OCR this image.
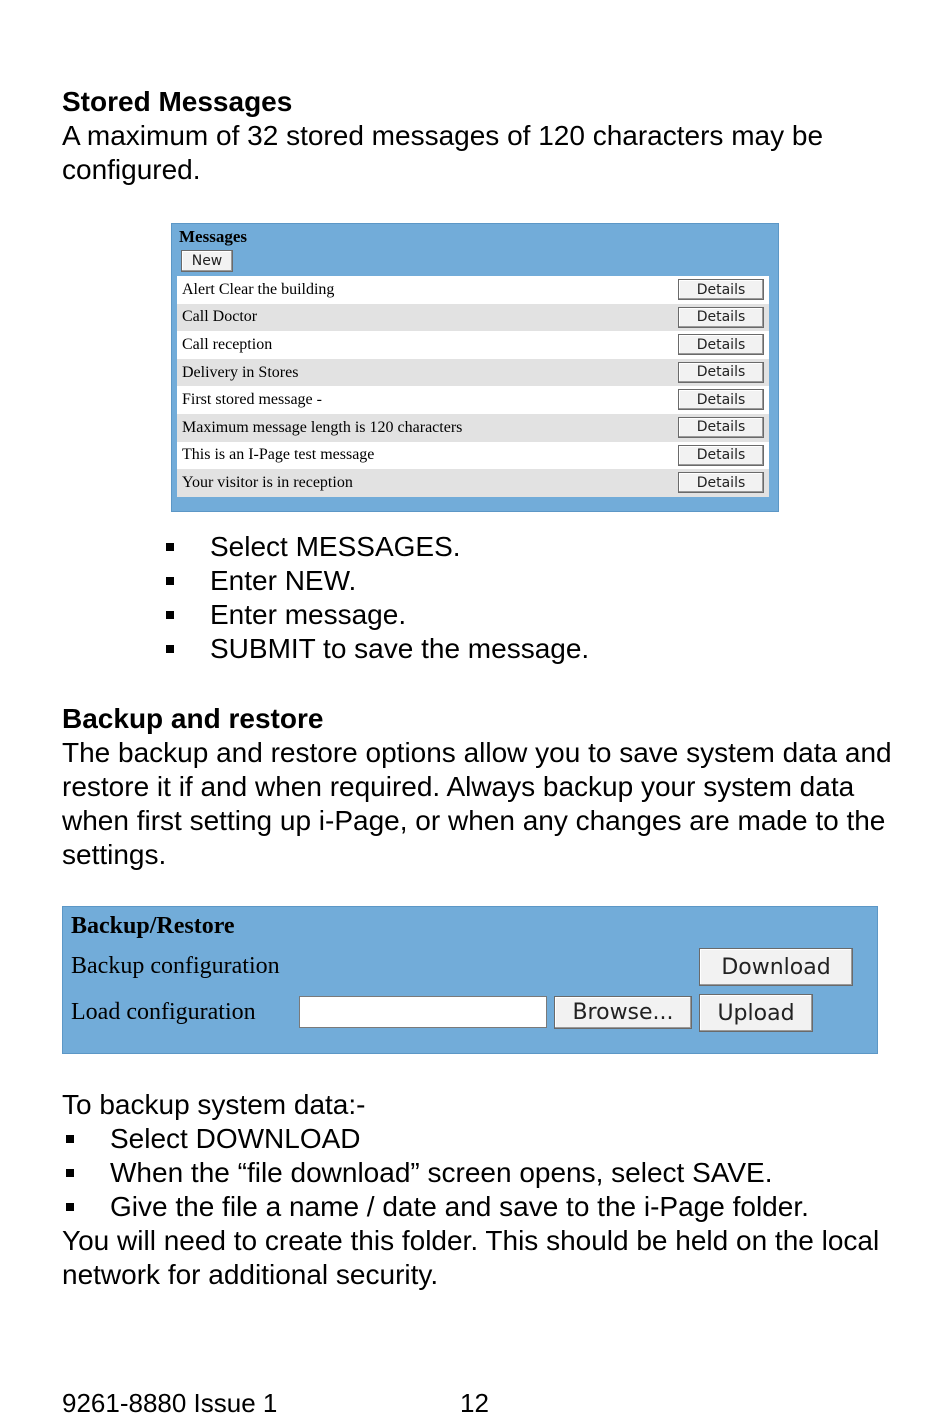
Stored Messages

A maximum of 32 stored messages of 120 characters may be configured.

Messages
New
Alert Clear the building	Details
Call Doctor	Details
Call reception	Details
Delivery in Stores	Details
First stored message -	Details
Maximum message length is 120 characters	Details
This is an I-Page test message	Details
Your visitor is in reception	Details
Select MESSAGES.
Enter NEW.
Enter message.
SUBMIT to save the message.
Backup and restore

The backup and restore options allow you to save system data and restore it if and when required. Always backup your system data when first setting up i-Page, or when any changes are made to the settings.

Backup/Restore
Backup configuration	Download
Load configuration	Browse...	Upload

To backup system data:-

Select DOWNLOAD
When the “file download” screen opens, select SAVE.
Give the file a name / date and save to the i-Page folder.

You will need to create this folder. This should be held on the local network for additional security.

9261-8880 Issue 1	12
